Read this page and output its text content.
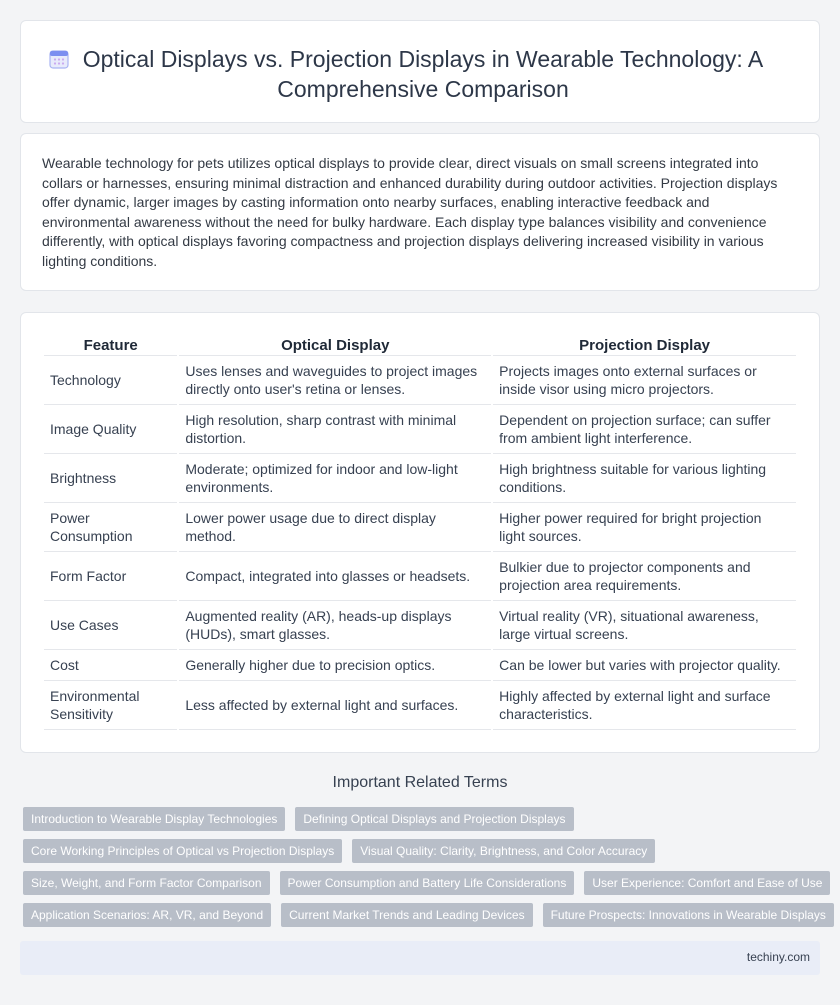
Optical Displays vs. Projection Displays in Wearable Technology: A Comprehensive Comparison

Wearable technology for pets utilizes optical displays to provide clear, direct visuals on small screens integrated into collars or harnesses, ensuring minimal distraction and enhanced durability during outdoor activities. Projection displays offer dynamic, larger images by casting information onto nearby surfaces, enabling interactive feedback and environmental awareness without the need for bulky hardware. Each display type balances visibility and convenience differently, with optical displays favoring compactness and projection displays delivering increased visibility in various lighting conditions.

Feature	Optical Display	Projection Display
Technology	Uses lenses and waveguides to project images directly onto user's retina or lenses.	Projects images onto external surfaces or inside visor using micro projectors.
Image Quality	High resolution, sharp contrast with minimal distortion.	Dependent on projection surface; can suffer from ambient light interference.
Brightness	Moderate; optimized for indoor and low-light environments.	High brightness suitable for various lighting conditions.
Power Consumption	Lower power usage due to direct display method.	Higher power required for bright projection light sources.
Form Factor	Compact, integrated into glasses or headsets.	Bulkier due to projector components and projection area requirements.
Use Cases	Augmented reality (AR), heads-up displays (HUDs), smart glasses.	Virtual reality (VR), situational awareness, large virtual screens.
Cost	Generally higher due to precision optics.	Can be lower but varies with projector quality.
Environmental Sensitivity	Less affected by external light and surfaces.	Highly affected by external light and surface characteristics.
Important Related Terms
Introduction to Wearable Display Technologies	Defining Optical Displays and Projection Displays
Core Working Principles of Optical vs Projection Displays	Visual Quality: Clarity, Brightness, and Color Accuracy
Size, Weight, and Form Factor Comparison	Power Consumption and Battery Life Considerations	User Experience: Comfort and Ease of Use
Application Scenarios: AR, VR, and Beyond	Current Market Trends and Leading Devices	Future Prospects: Innovations in Wearable Displays
techiny.com
